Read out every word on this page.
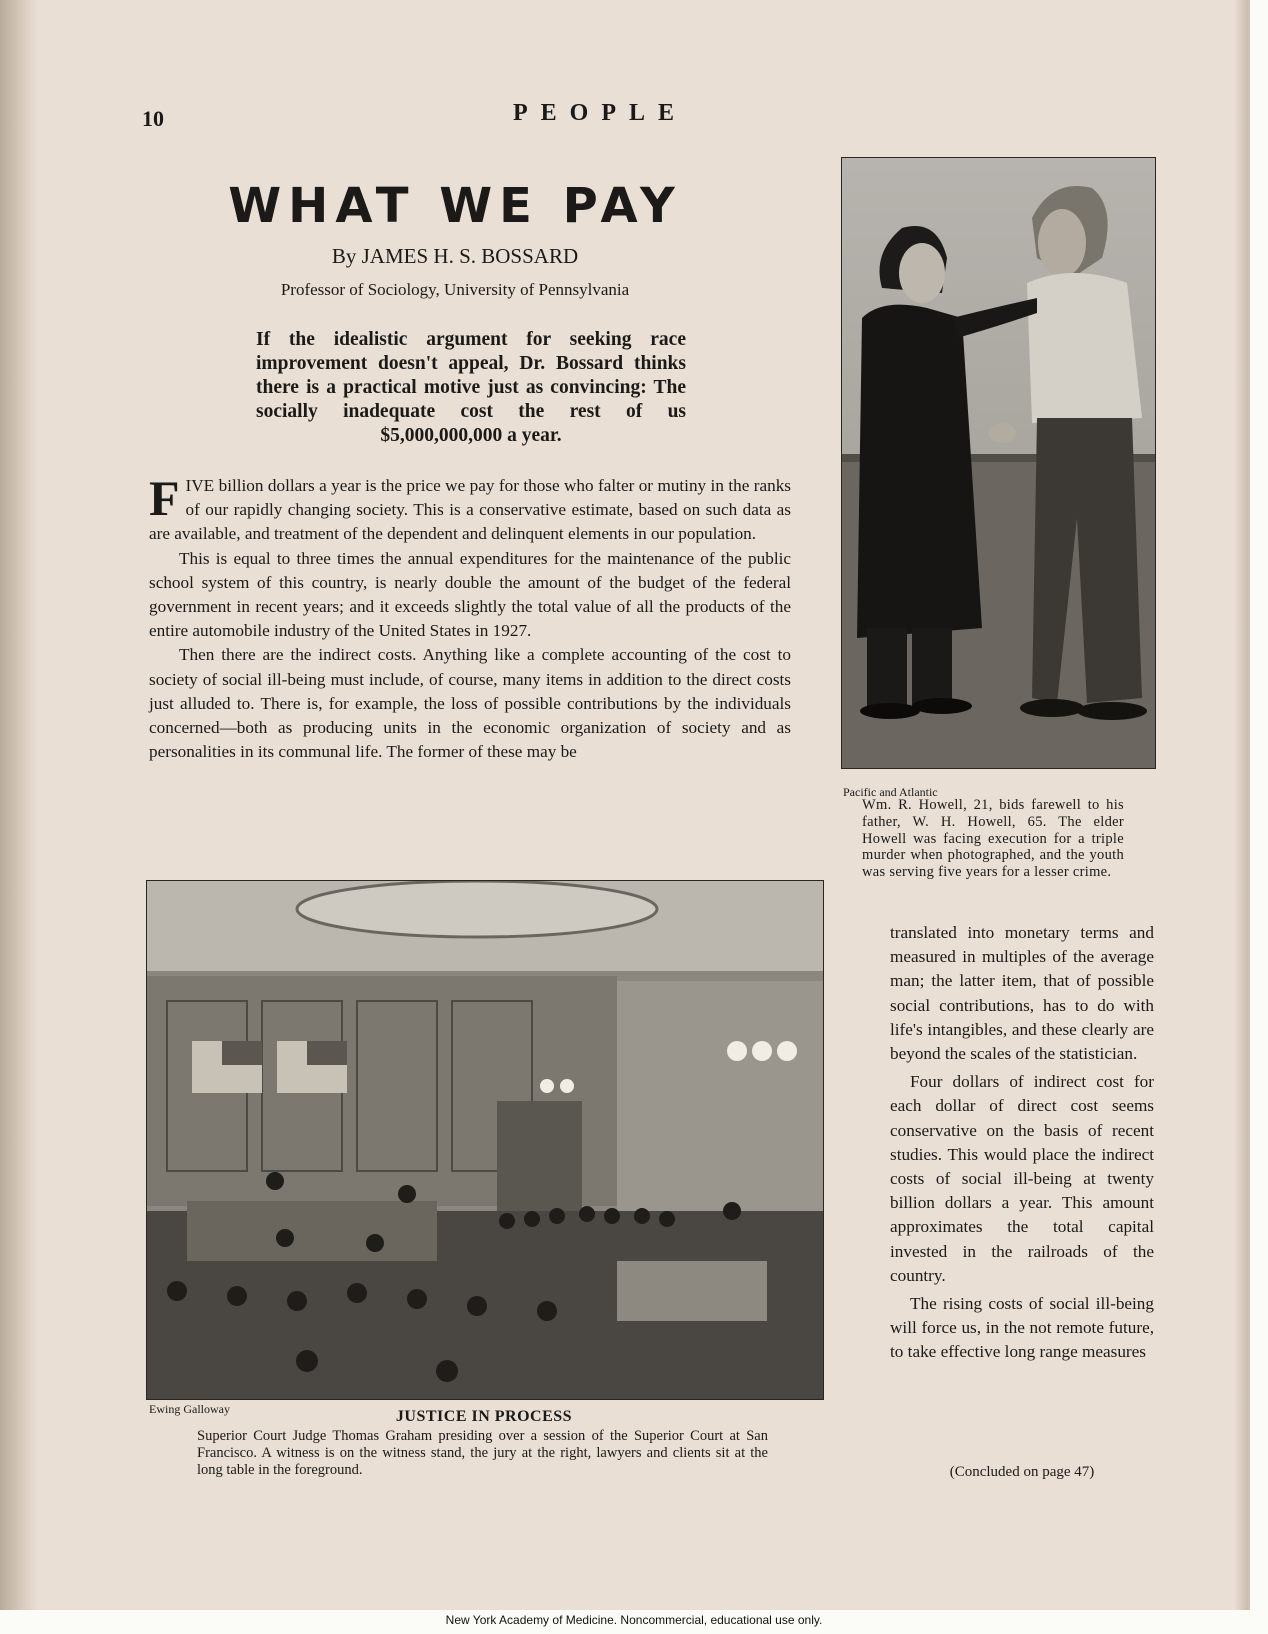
10	PEOPLE
WHAT WE PAY
By JAMES H. S. BOSSARD
Professor of Sociology, University of Pennsylvania
If the idealistic argument for seeking race improvement doesn't appeal, Dr. Bossard thinks there is a practical motive just as convincing: The socially inadequate cost the rest of us $5,000,000,000 a year.

FIVE billion dollars a year is the price we pay for those who falter or mutiny in the ranks of our rapidly changing society. This is a conservative estimate, based on such data as are available, and treatment of the dependent and delinquent elements in our population.

This is equal to three times the annual expenditures for the maintenance of the public school system of this country, is nearly double the amount of the budget of the federal government in recent years; and it exceeds slightly the total value of all the products of the entire automobile industry of the United States in 1927.

Then there are the indirect costs. Anything like a complete accounting of the cost to society of social ill-being must include, of course, many items in addition to the direct costs just alluded to. There is, for example, the loss of possible contributions by the individuals concerned—both as producing units in the economic organization of society and as personalities in its communal life. The former of these may be

Pacific and Atlantic
Wm. R. Howell, 21, bids farewell to his father, W. H. Howell, 65. The elder Howell was facing execution for a triple murder when photographed, and the youth was serving five years for a lesser crime.
Ewing Galloway	JUSTICE IN PROCESS
Superior Court Judge Thomas Graham presiding over a session of the Superior Court at San Francisco. A witness is on the witness stand, the jury at the right, lawyers and clients sit at the long table in the foreground.

translated into monetary terms and measured in multiples of the average man; the latter item, that of possible social contributions, has to do with life's intangibles, and these clearly are beyond the scales of the statistician.

Four dollars of indirect cost for each dollar of direct cost seems conservative on the basis of recent studies. This would place the indirect costs of social ill-being at twenty billion dollars a year. This amount approximates the total capital invested in the railroads of the country.

The rising costs of social ill-being will force us, in the not remote future, to take effective long range measures

(Concluded on page 47)
New York Academy of Medicine. Noncommercial, educational use only.
